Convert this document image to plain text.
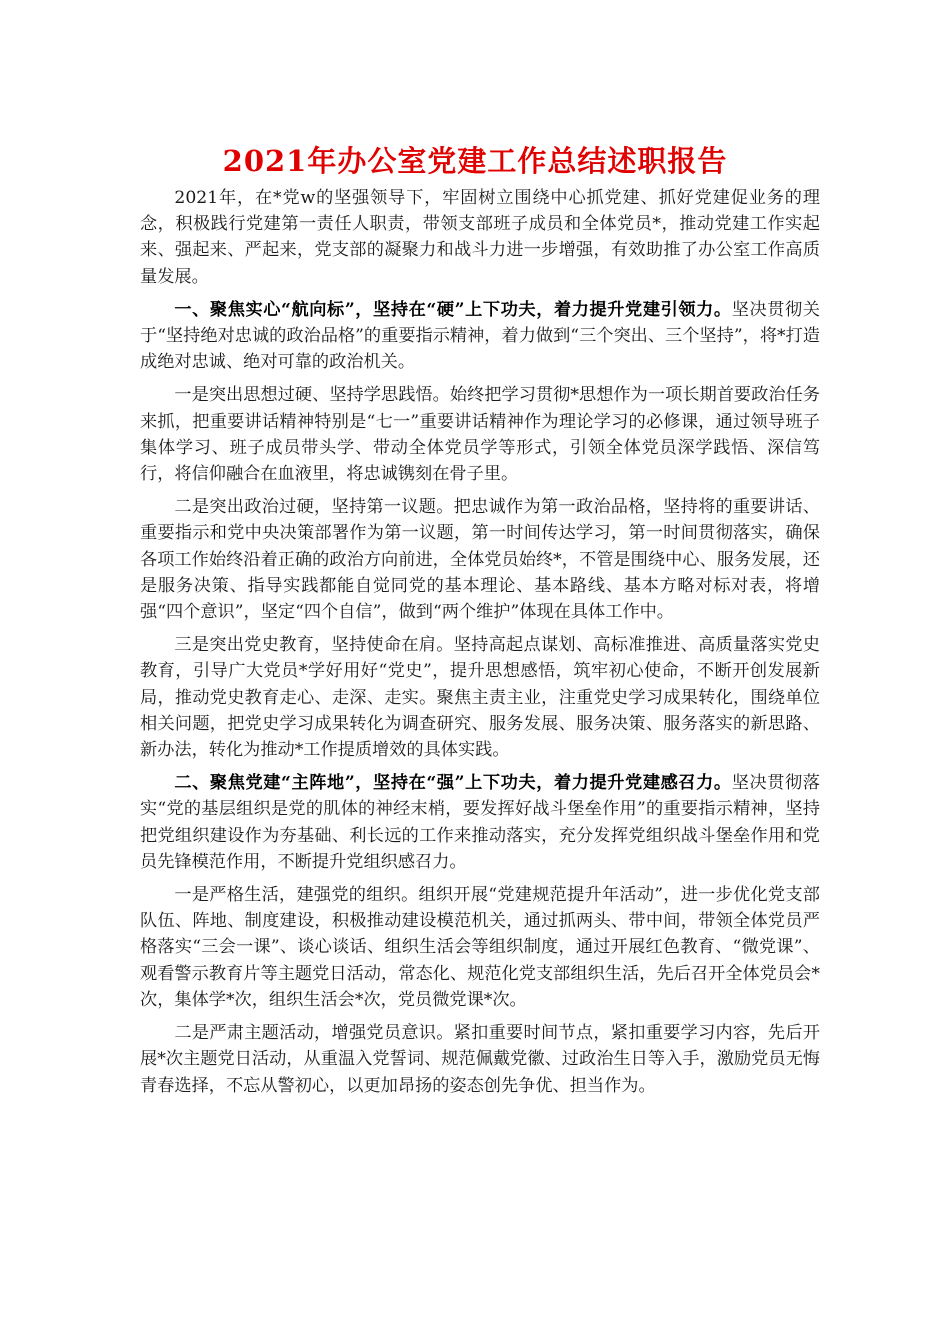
2021年办公室党建工作总结述职报告

2021年，在*党w的坚强领导下，牢固树立围绕中心抓党建、抓好党建促业务的理念，积极践行党建第一责任人职责，带领支部班子成员和全体党员*，推动党建工作实起来、强起来、严起来，党支部的凝聚力和战斗力进一步增强，有效助推了办公室工作高质量发展。

一、聚焦实心“航向标”，坚持在“硬”上下功夫，着力提升党建引领力。坚决贯彻关于“坚持绝对忠诚的政治品格”的重要指示精神，着力做到“三个突出、三个坚持”，将*打造成绝对忠诚、绝对可靠的政治机关。

一是突出思想过硬、坚持学思践悟。始终把学习贯彻*思想作为一项长期首要政治任务来抓，把重要讲话精神特别是“七一”重要讲话精神作为理论学习的必修课，通过领导班子集体学习、班子成员带头学、带动全体党员学等形式，引领全体党员深学践悟、深信笃行，将信仰融合在血液里，将忠诚镌刻在骨子里。

二是突出政治过硬，坚持第一议题。把忠诚作为第一政治品格，坚持将的重要讲话、重要指示和党中央决策部署作为第一议题，第一时间传达学习，第一时间贯彻落实，确保各项工作始终沿着正确的政治方向前进，全体党员始终*，不管是围绕中心、服务发展，还是服务决策、指导实践都能自觉同党的基本理论、基本路线、基本方略对标对表，将增强“四个意识”，坚定“四个自信”，做到“两个维护”体现在具体工作中。

三是突出党史教育，坚持使命在肩。坚持高起点谋划、高标准推进、高质量落实党史教育，引导广大党员*学好用好“党史”，提升思想感悟，筑牢初心使命，不断开创发展新局，推动党史教育走心、走深、走实。聚焦主责主业，注重党史学习成果转化，围绕单位相关问题，把党史学习成果转化为调查研究、服务发展、服务决策、服务落实的新思路、新办法，转化为推动*工作提质增效的具体实践。

二、聚焦党建“主阵地”，坚持在“强”上下功夫，着力提升党建感召力。坚决贯彻落实“党的基层组织是党的肌体的神经末梢，要发挥好战斗堡垒作用”的重要指示精神，坚持把党组织建设作为夯基础、利长远的工作来推动落实，充分发挥党组织战斗堡垒作用和党员先锋模范作用，不断提升党组织感召力。

一是严格生活，建强党的组织。组织开展“党建规范提升年活动”，进一步优化党支部队伍、阵地、制度建设，积极推动建设模范机关，通过抓两头、带中间，带领全体党员严格落实“三会一课”、谈心谈话、组织生活会等组织制度，通过开展红色教育、“微党课”、观看警示教育片等主题党日活动，常态化、规范化党支部组织生活，先后召开全体党员会*次，集体学*次，组织生活会*次，党员微党课*次。

二是严肃主题活动，增强党员意识。紧扣重要时间节点，紧扣重要学习内容，先后开展*次主题党日活动，从重温入党誓词、规范佩戴党徽、过政治生日等入手，激励党员无悔青春选择，不忘从警初心，以更加昂扬的姿态创先争优、担当作为。
